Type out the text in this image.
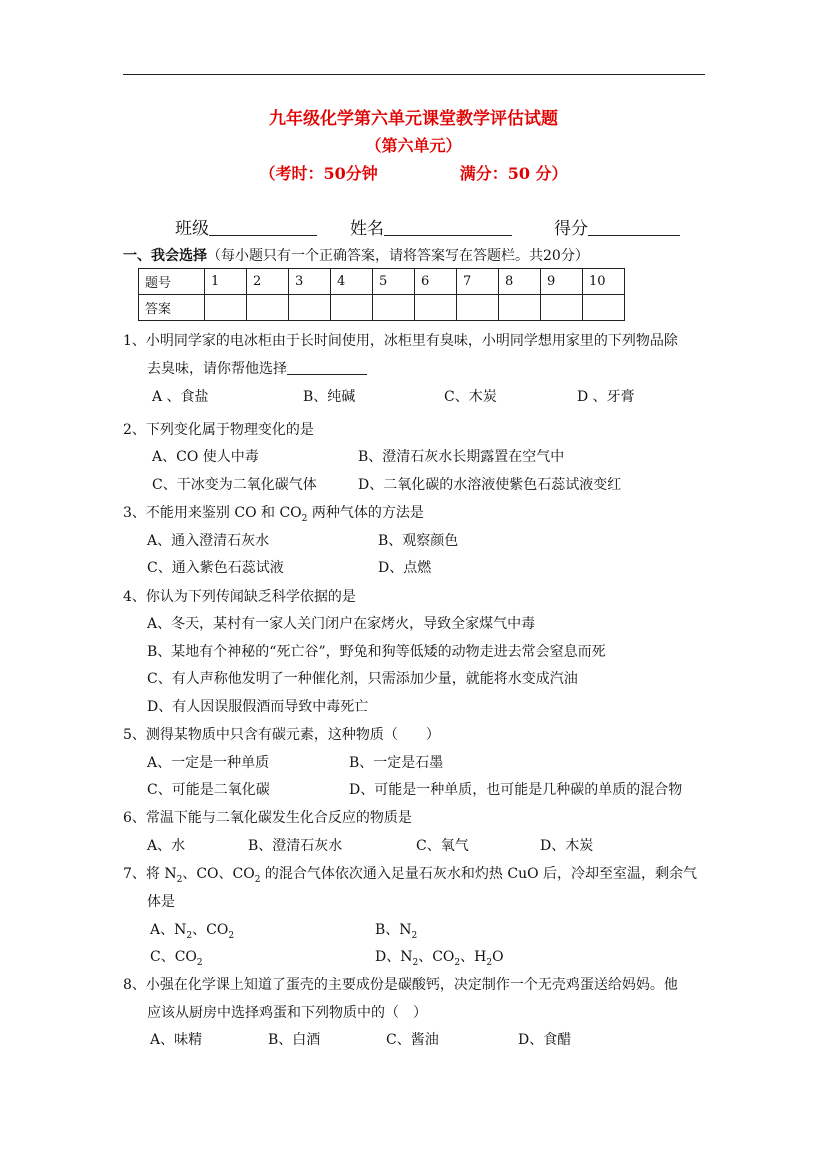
九年级化学第六单元课堂教学评估试题
（第六单元）
（考时：50分钟	满分：50 分）
班级	姓名	得分
一、我会选择（每小题只有一个正确答案，请将答案写在答题栏。共20分）
题号	1	2	3	4	5	6	7	8	9	10
答案										
1、小明同学家的电冰柜由于长时间使用，冰柜里有臭味，小明同学想用家里的下列物品除
去臭味，请你帮他选择
A 、食盐	B、纯碱	C、木炭	D 、牙膏
2、下列变化属于物理变化的是
A、CO 使人中毒	B、澄清石灰水长期露置在空气中
C、干冰变为二氧化碳气体	D、二氧化碳的水溶液使紫色石蕊试液变红
3、不能用来鉴别 CO 和 $CO_2$ 两种气体的方法是
A、通入澄清石灰水	B、观察颜色
C、通入紫色石蕊试液	D、点燃
4、你认为下列传闻缺乏科学依据的是
A、冬天，某村有一家人关门闭户在家烤火，导致全家煤气中毒
B、某地有个神秘的“死亡谷”，野兔和狗等低矮的动物走进去常会窒息而死
C、有人声称他发明了一种催化剂，只需添加少量，就能将水变成汽油
D、有人因误服假酒而导致中毒死亡
5、测得某物质中只含有碳元素，这种物质（　　）
A、一定是一种单质	B、一定是石墨
C、可能是二氧化碳	D、可能是一种单质，也可能是几种碳的单质的混合物
6、常温下能与二氧化碳发生化合反应的物质是
A、水	B、澄清石灰水	C、氧气	D、木炭
7、将 $N_2$、CO、$CO_2$ 的混合气体依次通入足量石灰水和灼热 CuO 后，冷却至室温，剩余气
体是
A、$N_2$、$CO_2$	B、$N_2$
C、$CO_2$	D、$N_2$、$CO_2$、$H_2O$
8、小强在化学课上知道了蛋壳的主要成份是碳酸钙，决定制作一个无壳鸡蛋送给妈妈。他
应该从厨房中选择鸡蛋和下列物质中的（　）
A、味精	B、白酒	C、酱油	D、食醋
